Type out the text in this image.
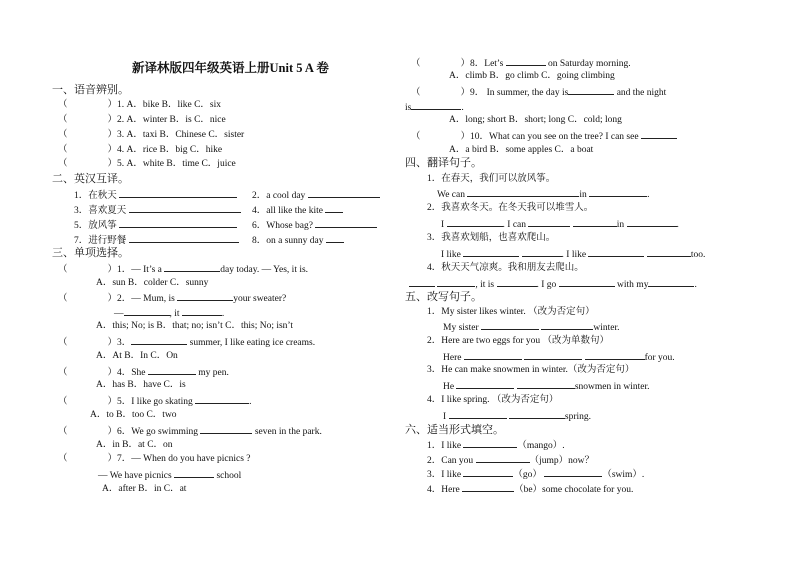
新译林版四年级英语上册Unit 5 A 卷
一、语音辨别。
（	）1. A．bike B．like C．six
（	）2. A．winter B．is C．nice
（	）3. A．taxi B．Chinese C．sister
（	）4. A．rice B．big C．hike
（	）5. A．white B．time C．juice
二、英汉互译。
1．在秋天	2．a cool day
3．喜欢夏天	4．all like the kite
5．放风筝	6．Whose bag?
7．进行野餐	8．on a sunny day
三、单项选择。
（	）1．— It’s a	day today. — Yes, it is.
A．sun B．colder C．sunny
（	）2．— Mum, is	your sweater?
—	, it	.
A．this; No; is B．that; no; isn’t C．this; No; isn’t
（	）3．	summer, I like eating ice creams.
A．At B．In C．On
（	）4．She	my pen.
A．has B．have C．is
（	）5．I like go skating	.
A．to B．too C．two
（	）6．We go swimming	seven in the park.
A．in B．at C．on
（	）7．— When do you have picnics ?
— We have picnics	school
A．after B．in C．at
（	）8．Let’s	on Saturday morning.
A．climb B．go climb C．going climbing
（	）9． In summer, the day is	and the night
is	.
A．long; short B．short; long C．cold; long
（	）10．What can you see on the tree? I can see
A．a bird B．some apples C．a boat
四、翻译句子。
1．在春天，我们可以放风筝。
We can	in	.
2．我喜欢冬天。在冬天我可以堆雪人。
I	. I can	in	.
3．我喜欢划船，也喜欢爬山。
I like	. I like	too.
4．秋天天气凉爽。我和朋友去爬山。
, it is	. I go	with my	.
五、改写句子。
1．My sister likes winter. （改为否定句）
My sister	winter.
2．Here are two eggs for you （改为单数句）
Here	for you.
3．He can make snowmen in winter.（改为否定句）
He	snowmen in winter.
4．I like spring. （改为否定句）
I	spring.
六、适当形式填空。
1．I like	（mango）.
2．Can you	（jump）now？
3．I like	（go）	（swim）.
4．Here	（be）some chocolate for you.
